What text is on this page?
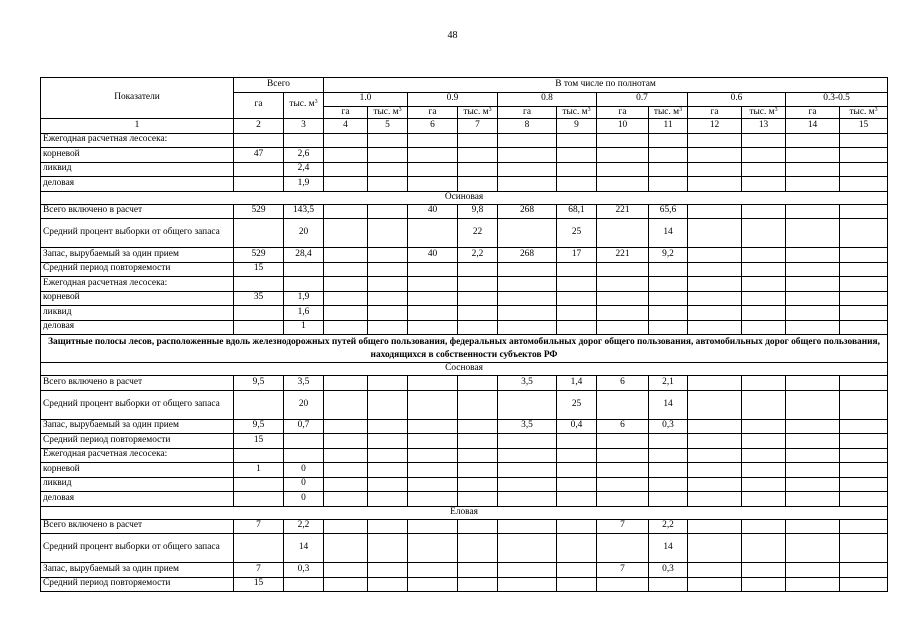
48
Показатели	Всего		В том числе по полнотам											
	га	тыс. $м^3$	1.0		0.9		0.8		0.7		0.6		0.3-0.5	
			га	тыс. $м^3$	га	тыс. $м^3$	га	тыс. $м^3$	га	тыс. $м^3$	га	тыс. $м^3$	га	тыс. $м^3$
1	2	3	4	5	6	7	8	9	10	11	12	13	14	15
Ежегодная расчетная лесосека:														
корневой	47	2,6												
ликвид		2,4												
деловая		1,9												
Осиновая														
Всего включено в расчет	529	143,5			40	9,8	268	68,1	221	65,6				
Средний процент выборки от общего запаса		20				22		25		14				
Запас, вырубаемый за один прием	529	28,4			40	2,2	268	17	221	9,2				
Средний период повторяемости	15													
Ежегодная расчетная лесосека:														
корневой	35	1,9												
ликвид		1,6												
деловая		1												
Защитные полосы лесов, расположенные вдоль железнодорожных путей общего пользования, федеральных автомобильных дорог общего пользования, автомобильных дорог общего пользования, находящихся в собственности субъектов РФ														
Сосновая														
Всего включено в расчет	9,5	3,5					3,5	1,4	6	2,1				
Средний процент выборки от общего запаса		20						25		14				
Запас, вырубаемый за один прием	9,5	0,7					3,5	0,4	6	0,3				
Средний период повторяемости	15													
Ежегодная расчетная лесосека:														
корневой	1	0												
ликвид		0												
деловая		0												
Еловая														
Всего включено в расчет	7	2,2							7	2,2				
Средний процент выборки от общего запаса		14								14				
Запас, вырубаемый за один прием	7	0,3							7	0,3				
Средний период повторяемости	15													
